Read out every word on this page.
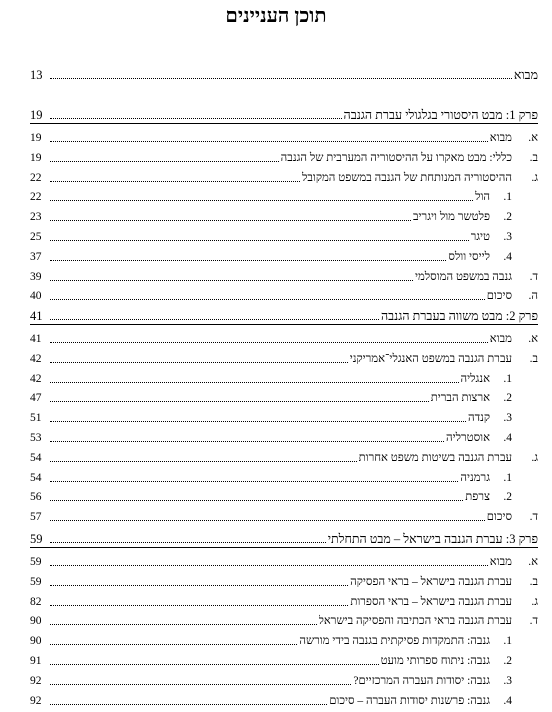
תוכן העניינים
מבוא
13
פרק 1: מבט היסטורי בגלגולי עברת הגנבה
19
א.
מבוא
19
ב.
כללי: מבט מאקרו על ההיסטוריה המערבית של הגנבה
19
ג.
ההיסטוריה המנותחת של הגנבה במשפט המקובל
22
1.
הול
22
2.
פלטשר מול ויגריב
23
3.
טיגר
25
4.
לייסי וולס
37
ד.
גנבה במשפט המוסלמי
39
ה.
סיכום
40
פרק 2: מבט משווה בעברת הגנבה
41
א.
מבוא
41
ב.
עברת הגנבה במשפט האנגלי־אמריקני
42
1.
אנגליה
42
2.
ארצות הברית
47
3.
קנדה
51
4.
אוסטרליה
53
ג.
עברת הגנבה בשיטות משפט אחרות
54
1.
גרמניה
54
2.
צרפת
56
ד.
סיכום
57
פרק 3: עברת הגנבה בישראל – מבט התחלתי
59
א.
מבוא
59
ב.
עברת הגנבה בישראל – בראי הפסיקה
59
ג.
עברת הגנבה בישראל – בראי הספרות
82
ד.
עברת הגנבה בראי הכתיבה והפסיקה בישראל
90
1.
גנבה: התמקדות פסיקתית בגנבה בידי מורשה
90
2.
גנבה: ניתוח ספרותי מועט
91
3.
גנבה: יסודות העברה המרכזיים?
92
4.
גנבה: פרשנות יסודות העברה – סיכום
92
